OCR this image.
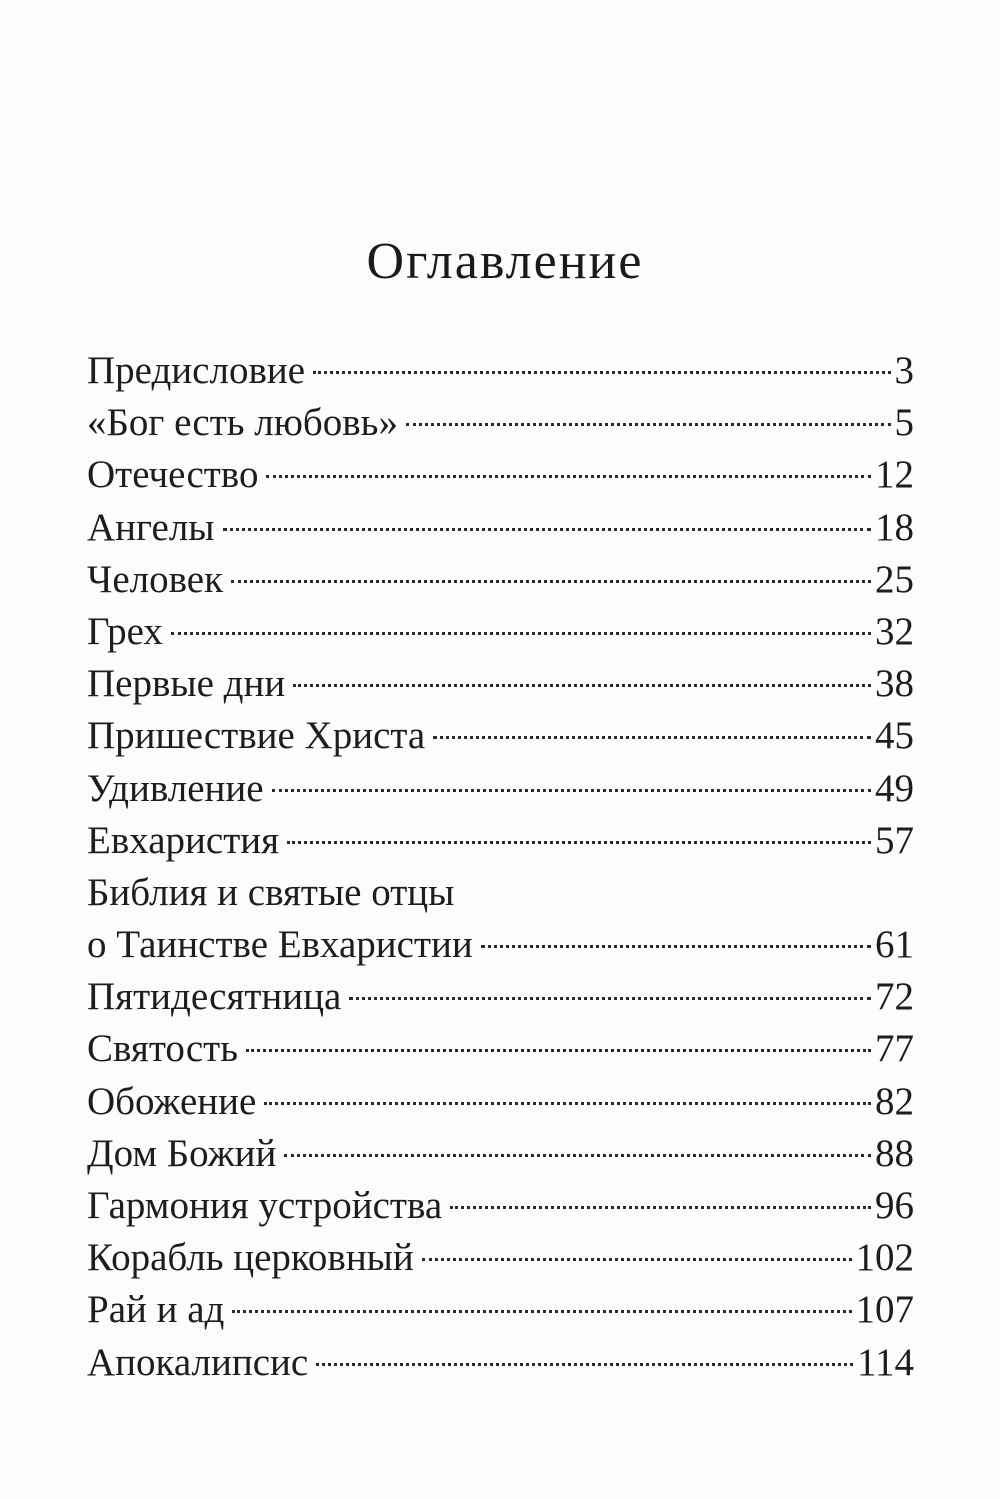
Оглавление
Предисловие	3
«Бог есть любовь»	5
Отечество	12
Ангелы	18
Человек	25
Грех	32
Первые дни	38
Пришествие Христа	45
Удивление	49
Евхаристия	57
Библия и святые отцы
о Таинстве Евхаристии	61
Пятидесятница	72
Святость	77
Обожение	82
Дом Божий	88
Гармония устройства	96
Корабль церковный	102
Рай и ад	107
Апокалипсис	114
